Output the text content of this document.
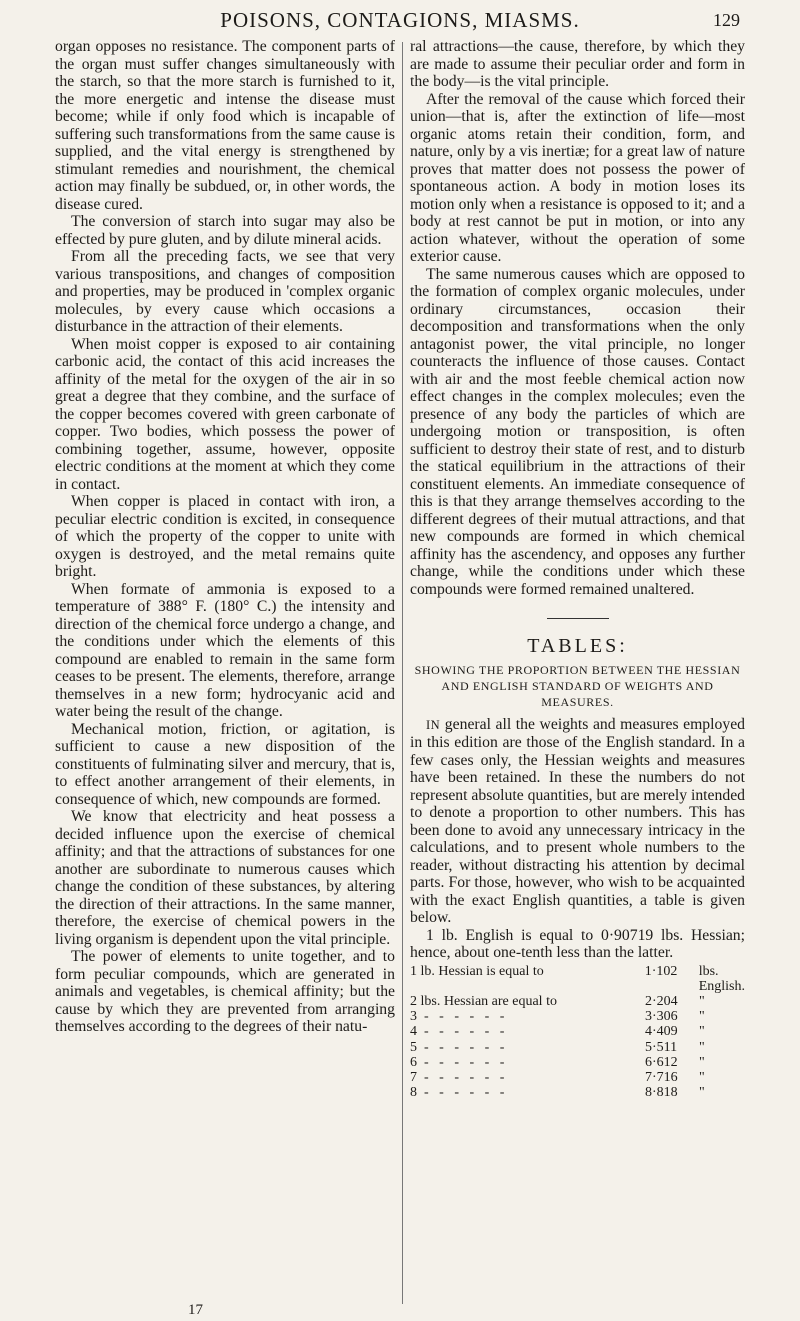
POISONS, CONTAGIONS, MIASMS.	129

organ opposes no resistance. The component parts of the organ must suffer changes simultaneously with the starch, so that the more starch is furnished to it, the more energetic and intense the disease must become; while if only food which is incapable of suffering such transformations from the same cause is supplied, and the vital energy is strengthened by stimulant remedies and nourishment, the chemical action may finally be subdued, or, in other words, the disease cured.

The conversion of starch into sugar may also be effected by pure gluten, and by dilute mineral acids.

From all the preceding facts, we see that very various transpositions, and changes of composition and properties, may be produced in 'complex organic molecules, by every cause which occasions a disturbance in the attraction of their elements.

When moist copper is exposed to air containing carbonic acid, the contact of this acid increases the affinity of the metal for the oxygen of the air in so great a degree that they combine, and the surface of the copper becomes covered with green carbonate of copper. Two bodies, which possess the power of combining together, assume, however, opposite electric conditions at the moment at which they come in contact.

When copper is placed in contact with iron, a peculiar electric condition is excited, in consequence of which the property of the copper to unite with oxygen is destroyed, and the metal remains quite bright.

When formate of ammonia is exposed to a temperature of 388° F. (180° C.) the intensity and direction of the chemical force undergo a change, and the conditions under which the elements of this compound are enabled to remain in the same form ceases to be present. The elements, therefore, arrange themselves in a new form; hydrocyanic acid and water being the result of the change.

Mechanical motion, friction, or agitation, is sufficient to cause a new disposition of the constituents of fulminating silver and mercury, that is, to effect another arrangement of their elements, in consequence of which, new compounds are formed.

We know that electricity and heat possess a decided influence upon the exercise of chemical affinity; and that the attractions of substances for one another are subordinate to numerous causes which change the condition of these substances, by altering the direction of their attractions. In the same manner, therefore, the exercise of chemical powers in the living organism is dependent upon the vital principle.

The power of elements to unite together, and to form peculiar compounds, which are generated in animals and vegetables, is chemical affinity; but the cause by which they are prevented from arranging themselves according to the degrees of their natu-

ral attractions—the cause, therefore, by which they are made to assume their peculiar order and form in the body—is the vital principle.

After the removal of the cause which forced their union—that is, after the extinction of life—most organic atoms retain their condition, form, and nature, only by a vis inertiæ; for a great law of nature proves that matter does not possess the power of spontaneous action. A body in motion loses its motion only when a resistance is opposed to it; and a body at rest cannot be put in motion, or into any action whatever, without the operation of some exterior cause.

The same numerous causes which are opposed to the formation of complex organic molecules, under ordinary circumstances, occasion their decomposition and transformations when the only antagonist power, the vital principle, no longer counteracts the influence of those causes. Contact with air and the most feeble chemical action now effect changes in the complex molecules; even the presence of any body the particles of which are undergoing motion or transposition, is often sufficient to destroy their state of rest, and to disturb the statical equilibrium in the attractions of their constituent elements. An immediate consequence of this is that they arrange themselves according to the different degrees of their mutual attractions, and that new compounds are formed in which chemical affinity has the ascendency, and opposes any further change, while the conditions under which these compounds were formed remained unaltered.

TABLES:
SHOWING THE PROPORTION BETWEEN THE HESSIAN AND ENGLISH STANDARD OF WEIGHTS AND MEASURES.

IN general all the weights and measures employed in this edition are those of the English standard. In a few cases only, the Hessian weights and measures have been retained. In these the numbers do not represent absolute quantities, but are merely intended to denote a proportion to other numbers. This has been done to avoid any unnecessary intricacy in the calculations, and to present whole numbers to the reader, without distracting his attention by decimal parts. For those, however, who wish to be acquainted with the exact English quantities, a table is given below.

1 lb. English is equal to 0·90719 lbs. Hessian; hence, about one-tenth less than the latter.

1 lb. Hessian is equal to	1·102	lbs. English.
2 lbs. Hessian are equal to	2·204	"
3  -   -   -   -   -   -	3·306	"
4  -   -   -   -   -   -	4·409	"
5  -   -   -   -   -   -	5·511	"
6  -   -   -   -   -   -	6·612	"
7  -   -   -   -   -   -	7·716	"
8  -   -   -   -   -   -	8·818	"
17
